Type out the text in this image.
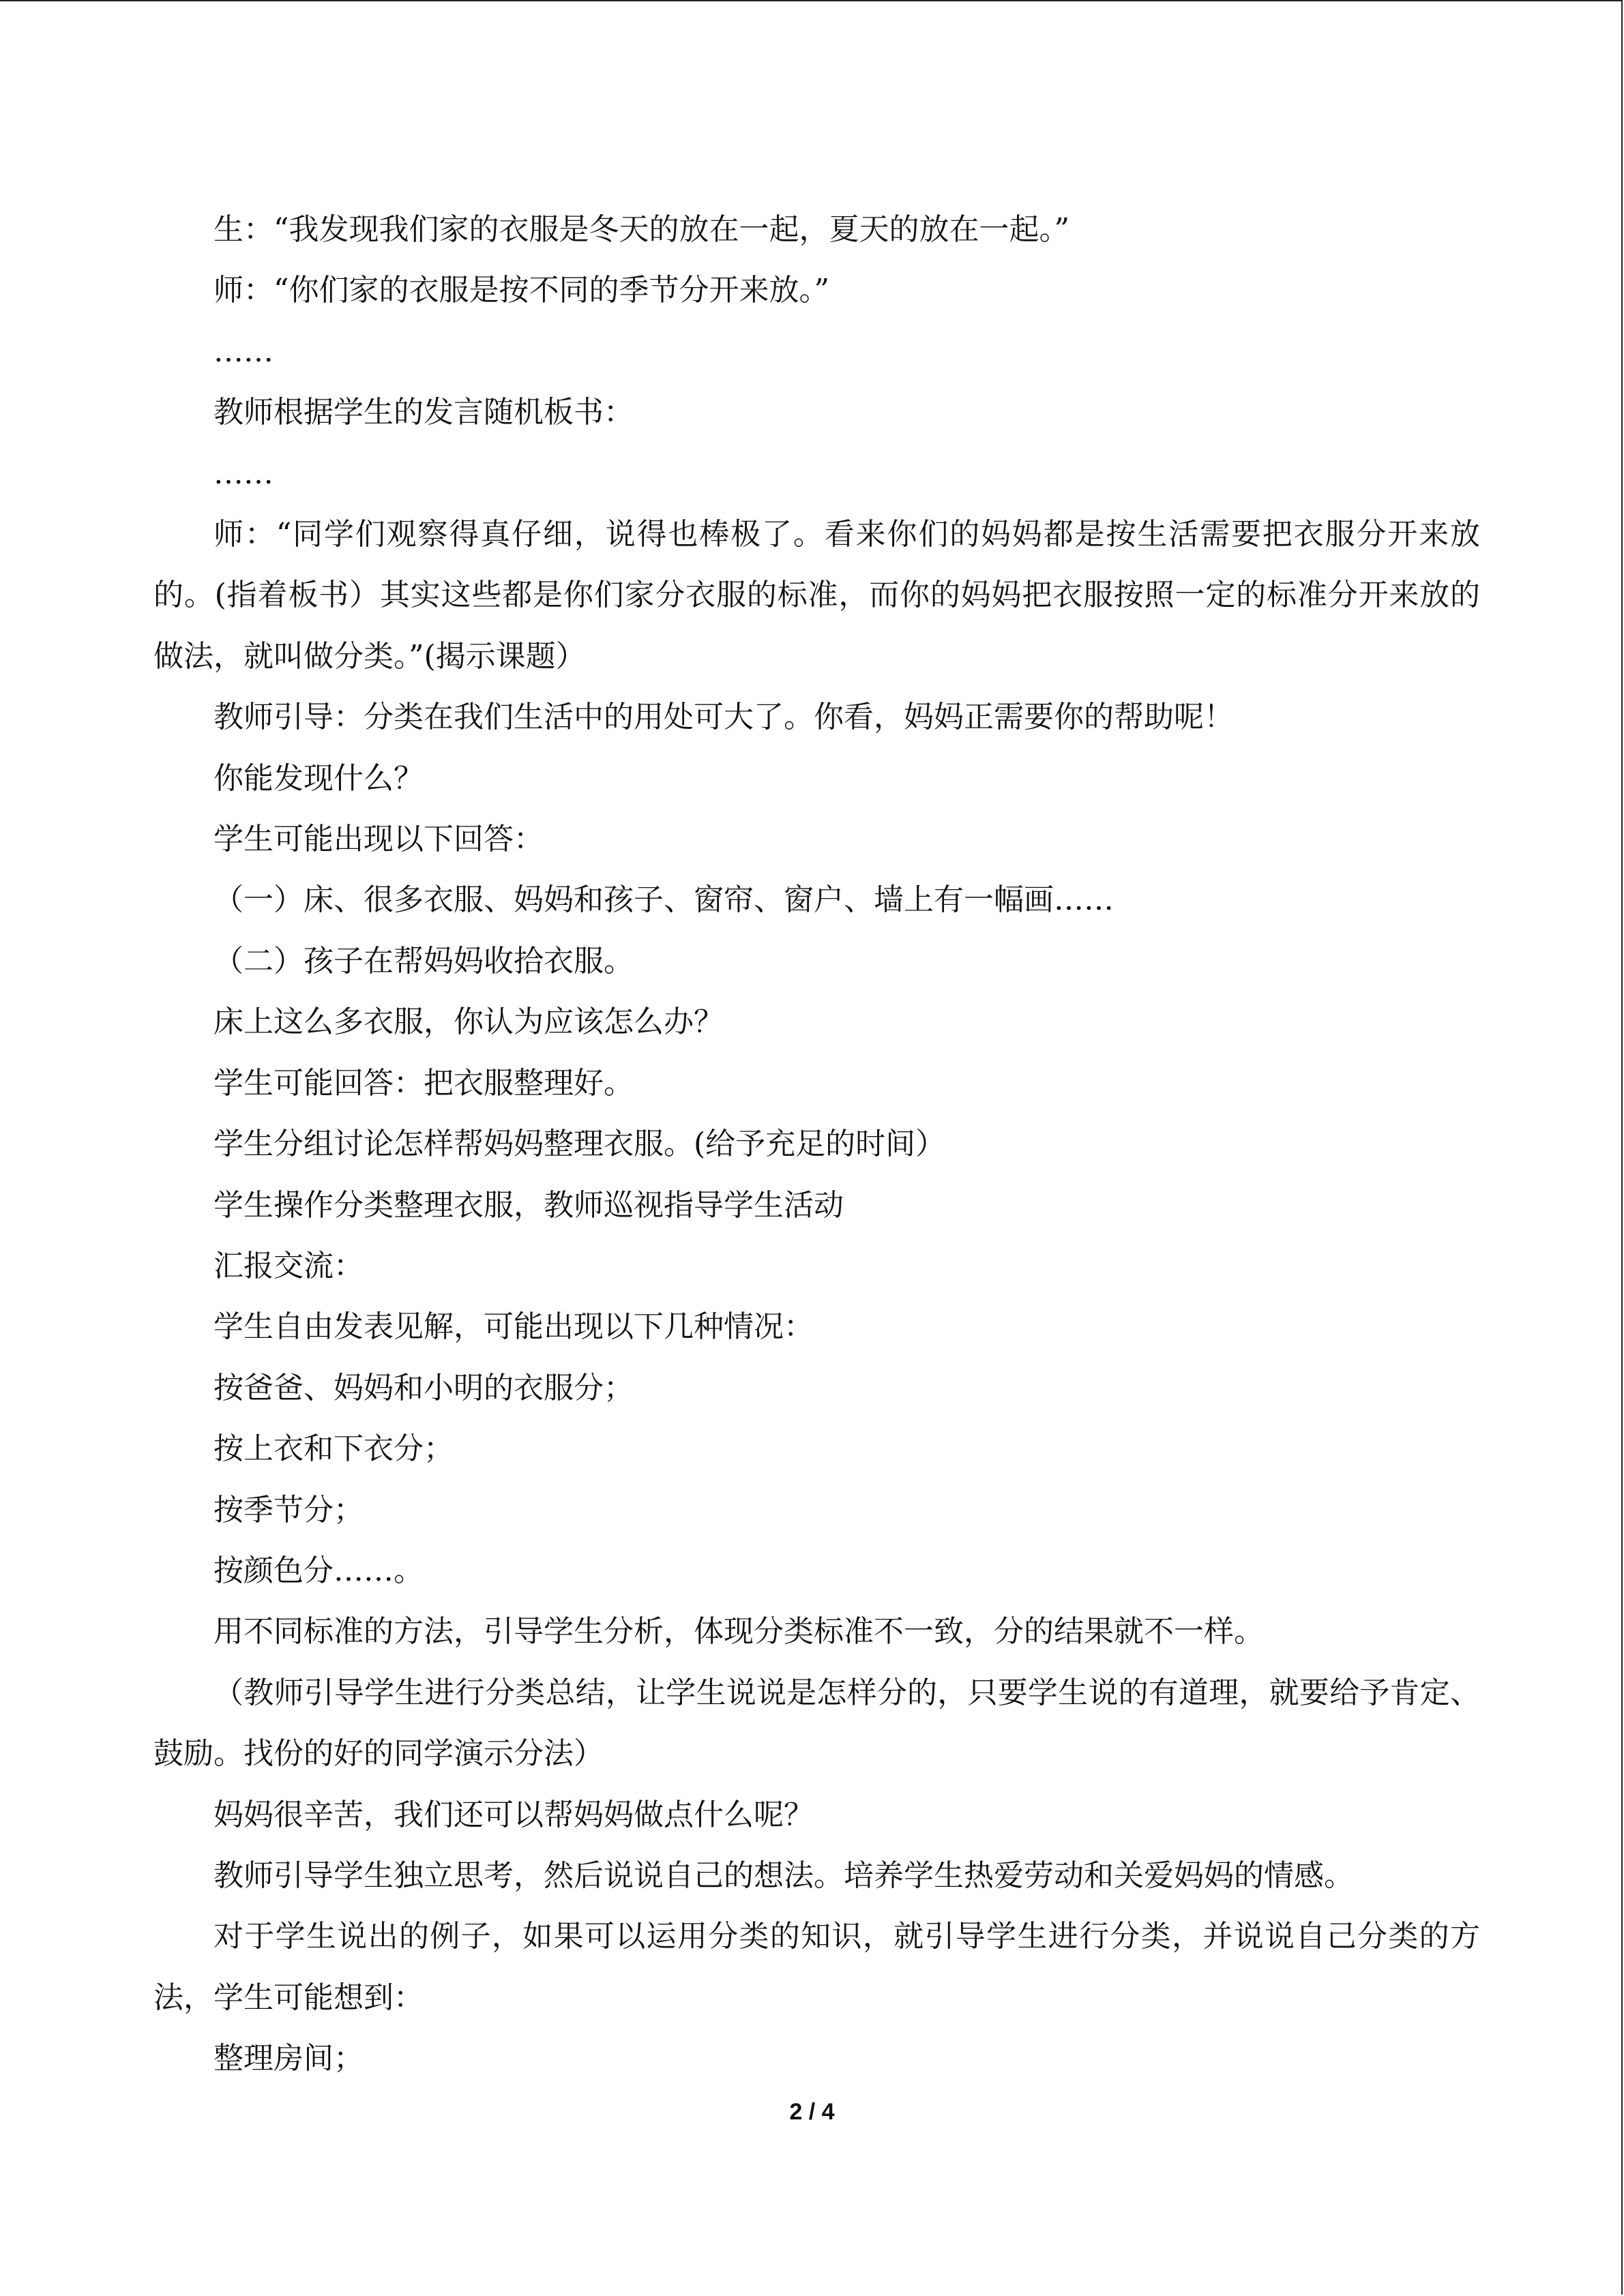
生：“我发现我们家的衣服是冬天的放在一起，夏天的放在一起。”

师：“你们家的衣服是按不同的季节分开来放。”

……

教师根据学生的发言随机板书：

……

师：“同学们观察得真仔细，说得也棒极了。看来你们的妈妈都是按生活需要把衣服分开来放的。(指着板书）其实这些都是你们家分衣服的标准，而你的妈妈把衣服按照一定的标准分开来放的做法，就叫做分类。”(揭示课题）

教师引导：分类在我们生活中的用处可大了。你看，妈妈正需要你的帮助呢！

你能发现什么？

学生可能出现以下回答：

（一）床、很多衣服、妈妈和孩子、窗帘、窗户、墙上有一幅画……

（二）孩子在帮妈妈收拾衣服。

床上这么多衣服，你认为应该怎么办？

学生可能回答：把衣服整理好。

学生分组讨论怎样帮妈妈整理衣服。(给予充足的时间）

学生操作分类整理衣服，教师巡视指导学生活动

汇报交流：

学生自由发表见解，可能出现以下几种情况：

按爸爸、妈妈和小明的衣服分；

按上衣和下衣分；

按季节分；

按颜色分……。

用不同标准的方法，引导学生分析，体现分类标准不一致，分的结果就不一样。

（教师引导学生进行分类总结，让学生说说是怎样分的，只要学生说的有道理，就要给予肯定、鼓励。找份的好的同学演示分法）

妈妈很辛苦，我们还可以帮妈妈做点什么呢？

教师引导学生独立思考，然后说说自己的想法。培养学生热爱劳动和关爱妈妈的情感。

对于学生说出的例子，如果可以运用分类的知识，就引导学生进行分类，并说说自己分类的方法，学生可能想到：

整理房间；

2 / 4
